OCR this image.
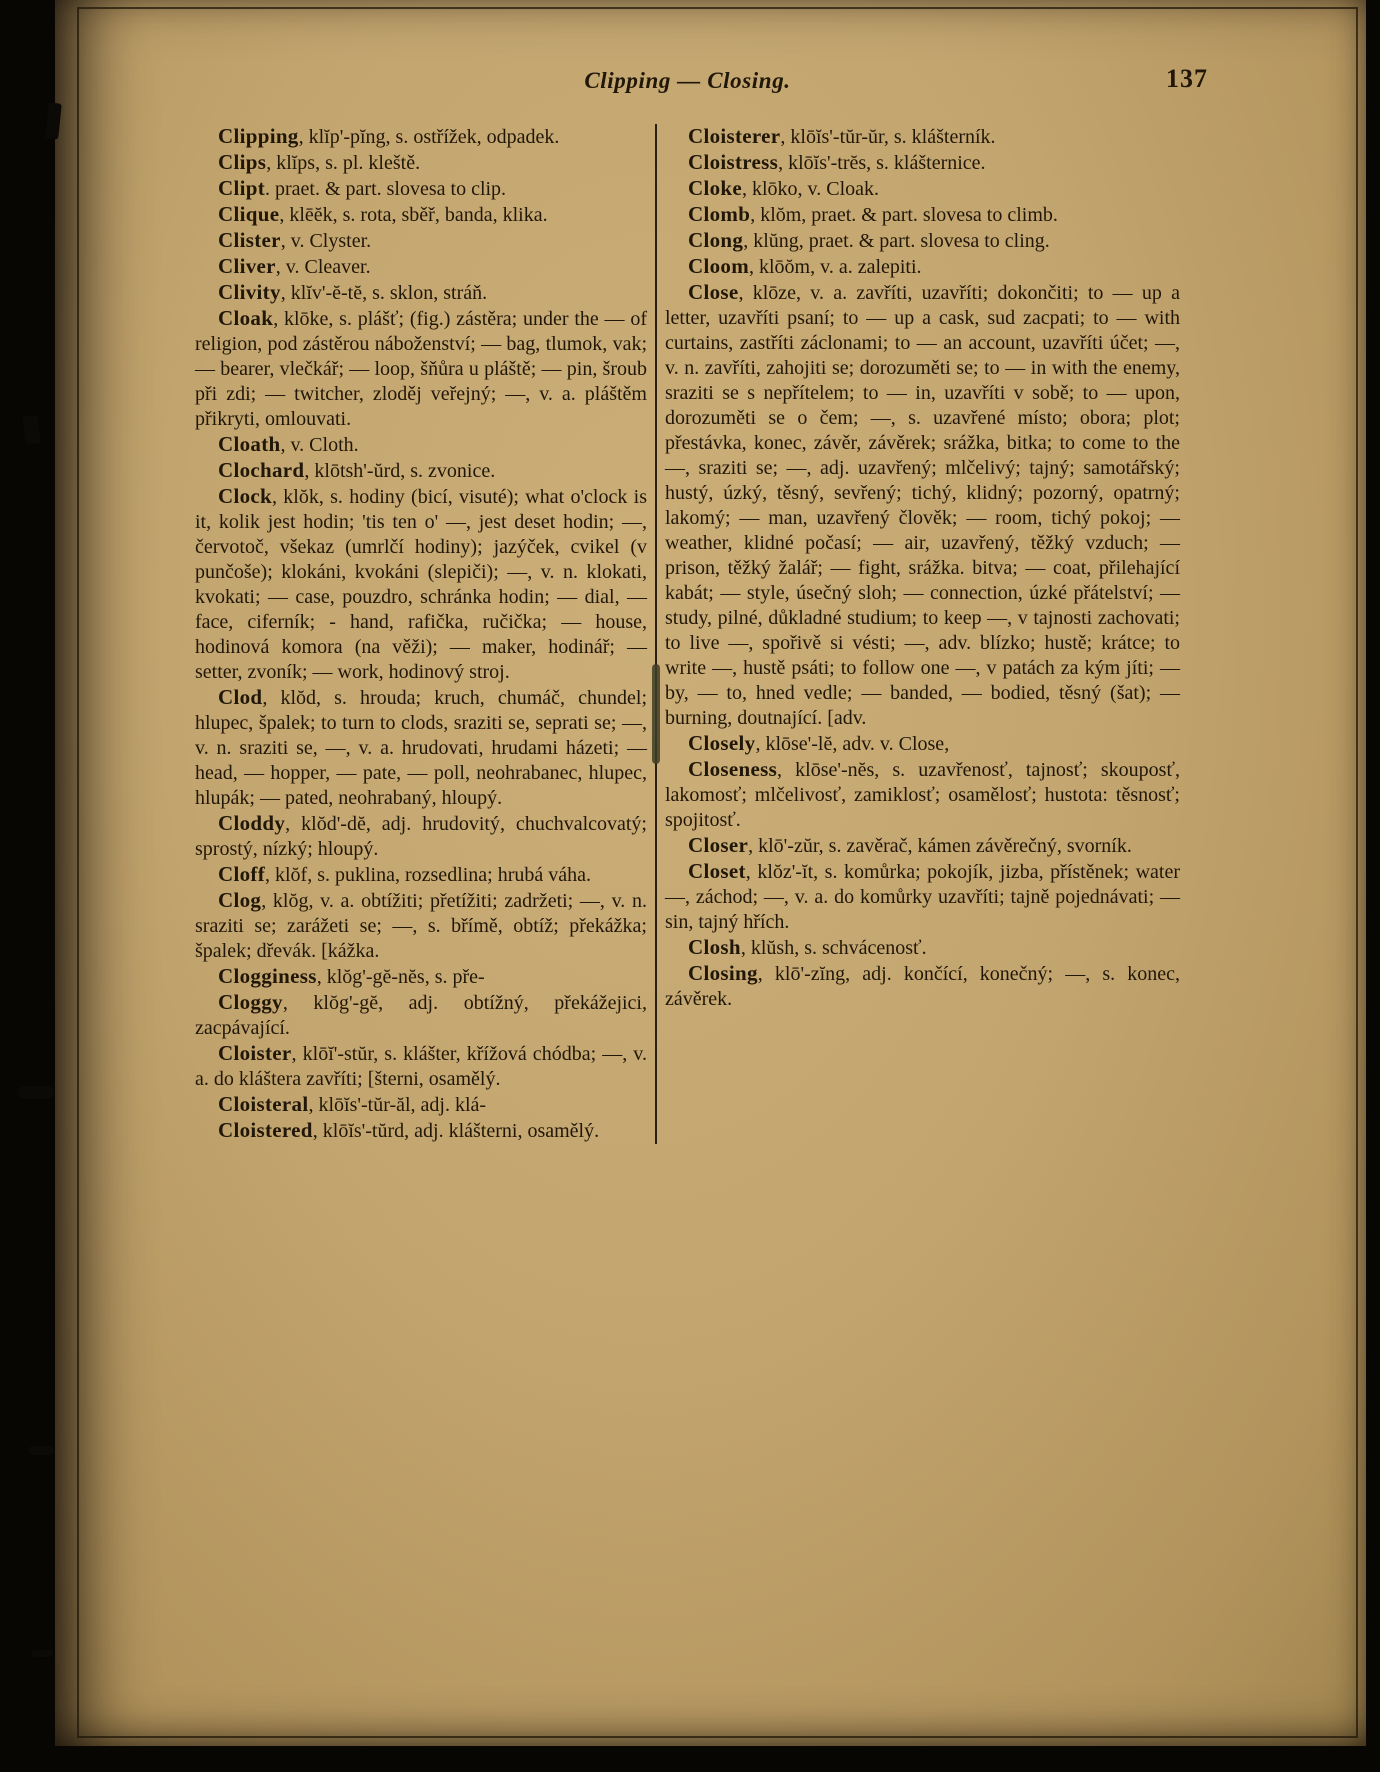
Clipping — Closing.	137

Clipping, klĭp'-pĭng, s. ostřížek, odpadek.

Clips, klĭps, s. pl. kleště.

Clipt. praet. & part. slovesa to clip.

Clique, klēĕk, s. rota, sběř, banda, klika.

Clister, v. Clyster.

Cliver, v. Cleaver.

Clivity, klĭv'-ĕ-tĕ, s. sklon, stráň.

Cloak, klōke, s. plášť; (fig.) zástěra; under the — of religion, pod zástěrou náboženství; — bag, tlumok, vak; — bearer, vlečkář; — loop, šňůra u pláště; — pin, šroub při zdi; — twitcher, zloděj veřejný; —, v. a. pláštěm přikryti, omlouvati.

Cloath, v. Cloth.

Clochard, klōtsh'-ŭrd, s. zvonice.

Clock, klŏk, s. hodiny (bicí, visuté); what o'clock is it, kolik jest hodin; 'tis ten o' —, jest deset hodin; —, červotoč, všekaz (umrlčí hodiny); jazýček, cvikel (v punčoše); klokáni, kvokáni (slepiči); —, v. n. klokati, kvokati; — case, pouzdro, schránka hodin; — dial, — face, ciferník; - hand, rafička, ručička; — house, hodinová komora (na věži); — maker, hodinář; — setter, zvoník; — work, hodinový stroj.

Clod, klŏd, s. hrouda; kruch, chumáč, chundel; hlupec, špalek; to turn to clods, sraziti se, seprati se; —, v. n. sraziti se, —, v. a. hrudovati, hrudami házeti; — head, — hopper, — pate, — poll, neohrabanec, hlupec, hlupák; — pated, neohrabaný, hloupý.

Cloddy, klŏd'-dĕ, adj. hrudovitý, chuchvalcovatý; sprostý, nízký; hloupý.

Cloff, klŏf, s. puklina, rozsedlina; hrubá váha.

Clog, klŏg, v. a. obtížiti; přetížiti; zadržeti; —, v. n. sraziti se; zarážeti se; —, s. břímě, obtíž; překážka; špalek; dřevák. [kážka.

Clogginess, klŏg'-gĕ-nĕs, s. pře-

Cloggy, klŏg'-gĕ, adj. obtížný, překážejici, zacpávající.

Cloister, klōĭ'-stŭr, s. klášter, křížová chódba; —, v. a. do kláštera zavříti; [šterni, osamělý.

Cloisteral, klōĭs'-tŭr-ăl, adj. klá-

Cloistered, klōĭs'-tŭrd, adj. klášterni, osamělý.

Cloisterer, klōĭs'-tŭr-ŭr, s. klášterník.

Cloistress, klōĭs'-trĕs, s. klášternice.

Cloke, klōko, v. Cloak.

Clomb, klŏm, praet. & part. slovesa to climb.

Clong, klŭng, praet. & part. slovesa to cling.

Cloom, klōŏm, v. a. zalepiti.

Close, klōze, v. a. zavříti, uzavříti; dokončiti; to — up a letter, uzavříti psaní; to — up a cask, sud zacpati; to — with curtains, zastříti záclonami; to — an account, uzavříti účet; —, v. n. zavříti, zahojiti se; dorozuměti se; to — in with the enemy, sraziti se s nepřítelem; to — in, uzavříti v sobě; to — upon, dorozuměti se o čem; —, s. uzavřené místo; obora; plot; přestávka, konec, závěr, závěrek; srážka, bitka; to come to the —, sraziti se; —, adj. uzavřený; mlčelivý; tajný; samotářský; hustý, úzký, těsný, sevřený; tichý, klidný; pozorný, opatrný; lakomý; — man, uzavřený člověk; — room, tichý pokoj; — weather, klidné počasí; — air, uzavřený, těžký vzduch; — prison, těžký žalář; — fight, srážka. bitva; — coat, přilehající kabát; — style, úsečný sloh; — connection, úzké přátelství; — study, pilné, důkladné studium; to keep —, v tajnosti zachovati; to live —, spořivě si vésti; —, adv. blízko; hustě; krátce; to write —, hustě psáti; to follow one —, v patách za kým jíti; — by, — to, hned vedle; — banded, — bodied, těsný (šat); — burning, doutnající. [adv.

Closely, klōse'-lĕ, adv. v. Close,

Closeness, klōse'-nĕs, s. uzavřenosť, tajnosť; skouposť, lakomosť; mlčelivosť, zamiklosť; osamělosť; hustota: těsnosť; spojitosť.

Closer, klō'-zŭr, s. zavěrač, kámen závěrečný, svorník.

Closet, klŏz'-ĭt, s. komůrka; pokojík, jizba, přístěnek; water —, záchod; —, v. a. do komůrky uzavříti; tajně pojednávati; — sin, tajný hřích.

Closh, klŭsh, s. schvácenosť.

Closing, klō'-zĭng, adj. končící, konečný; —, s. konec, závěrek.
